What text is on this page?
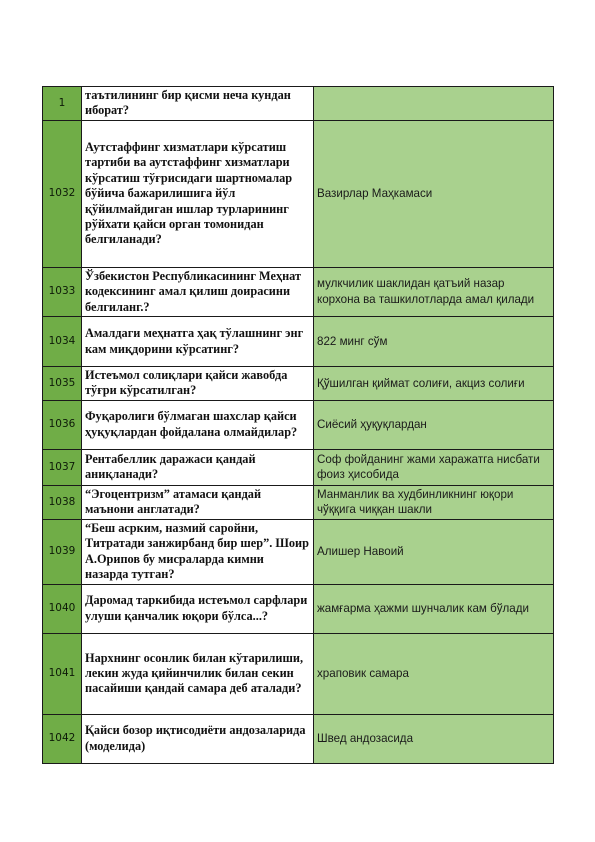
1	таътилининг бир қисми неча кундан иборат?	
1032	Аутстаффинг хизматлари кўрсатиш тартиби ва аутстаффинг хизматлари кўрсатиш тўғрисидаги шартномалар бўйича бажарилишига йўл қўйилмайдиган ишлар турларининг рўйхати қайси орган томонидан белгиланади?	Вазирлар Маҳкамаси
1033	Ўзбекистон Республикасининг Меҳнат кодексининг амал қилиш доирасини белгиланг.?	мулкчилик шаклидан қатъий назар корхона ва ташкилотларда амал қилади
1034	Амалдаги меҳнатга ҳақ тўлашнинг энг кам миқдорини кўрсатинг?	822 минг сўм
1035	Истеъмол солиқлари қайси жавобда тўғри кўрсатилган?	Қўшилган қиймат солиғи, акциз солиғи
1036	Фуқаролиги бўлмаган шахслар қайси ҳуқуқлардан фойдалана олмайдилар?	Сиёсий ҳуқуқлардан
1037	Рентабеллик даражаси қандай аниқланади?	Соф фойданинг жами харажатга нисбати фоиз ҳисобида
1038	“Эгоцентризм” атамаси қандай маънони англатади?	Манманлик ва худбинликнинг юқори чўққига чиққан шакли
1039	“Беш асрким, назмий саройни, Титратади занжирбанд бир шер”. Шоир А.Орипов бу мисраларда кимни назарда тутган?	Алишер Навоий
1040	Даромад таркибида истеъмол сарфлари улуши қанчалик юқори бўлса...?	жамғарма ҳажми шунчалик кам бўлади
1041	Нархнинг осонлик билан кўтарилиши, лекин жуда қийинчилик билан секин пасайиши қандай самара деб аталади?	храповик самара
1042	Қайси бозор иқтисодиёти андозаларида (моделида)	Швед андозасида
